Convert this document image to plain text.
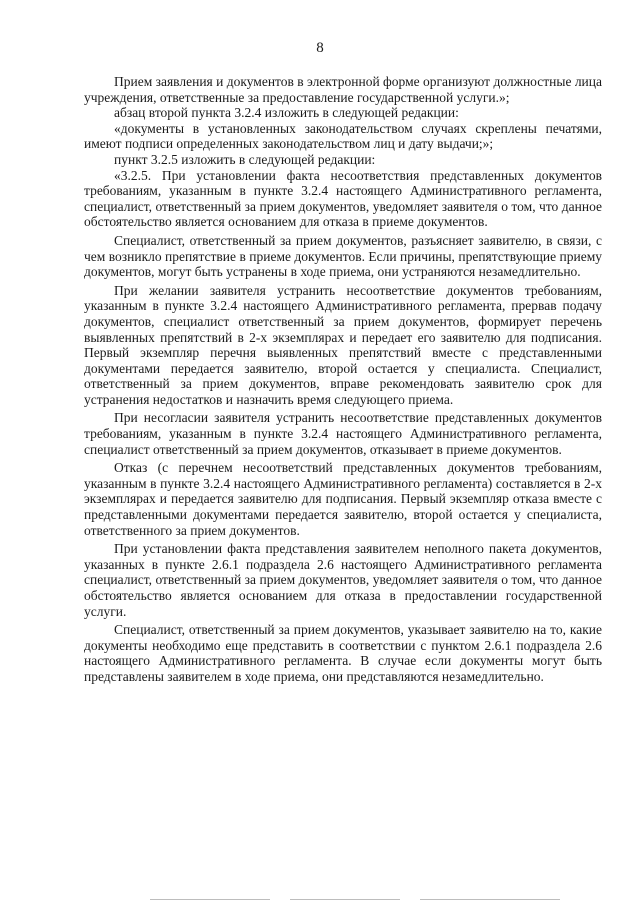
8

Прием заявления и документов в электронной форме организуют должностные лица учреждения, ответственные за предоставление государственной услуги.»;

абзац второй пункта 3.2.4 изложить в следующей редакции:

«документы в установленных законодательством случаях скреплены печатями, имеют подписи определенных законодательством лиц и дату выдачи;»;

пункт 3.2.5 изложить в следующей редакции:

«3.2.5. При установлении факта несоответствия представленных документов требованиям, указанным в пункте 3.2.4 настоящего Административного регламента, специалист, ответственный за прием документов, уведомляет заявителя о том, что данное обстоятельство является основанием для отказа в приеме документов.

Специалист, ответственный за прием документов, разъясняет заявителю, в связи, с чем возникло препятствие в приеме документов. Если причины, препятствующие приему документов, могут быть устранены в ходе приема, они устраняются незамедлительно.

При желании заявителя устранить несоответствие документов требованиям, указанным в пункте 3.2.4 настоящего Административного регламента, прервав подачу документов, специалист ответственный за прием документов, формирует перечень выявленных препятствий в 2-х экземплярах и передает его заявителю для подписания. Первый экземпляр перечня выявленных препятствий вместе с представленными документами передается заявителю, второй остается у специалиста. Специалист, ответственный за прием документов, вправе рекомендовать заявителю срок для устранения недостатков и назначить время следующего приема.

При несогласии заявителя устранить несоответствие представленных документов требованиям, указанным в пункте 3.2.4 настоящего Административного регламента, специалист ответственный за прием документов, отказывает в приеме документов.

Отказ (с перечнем несоответствий представленных документов требованиям, указанным в пункте 3.2.4 настоящего Административного регламента) составляется в 2-х экземплярах и передается заявителю для подписания. Первый экземпляр отказа вместе с представленными документами передается заявителю, второй остается у специалиста, ответственного за прием документов.

При установлении факта представления заявителем неполного пакета документов, указанных в пункте 2.6.1 подраздела 2.6 настоящего Административного регламента специалист, ответственный за прием документов, уведомляет заявителя о том, что данное обстоятельство является основанием для отказа в предоставлении государственной услуги.

Специалист, ответственный за прием документов, указывает заявителю на то, какие документы необходимо еще представить в соответствии с пунктом 2.6.1 подраздела 2.6 настоящего Административного регламента. В случае если документы могут быть представлены заявителем в ходе приема, они представляются незамедлительно.
